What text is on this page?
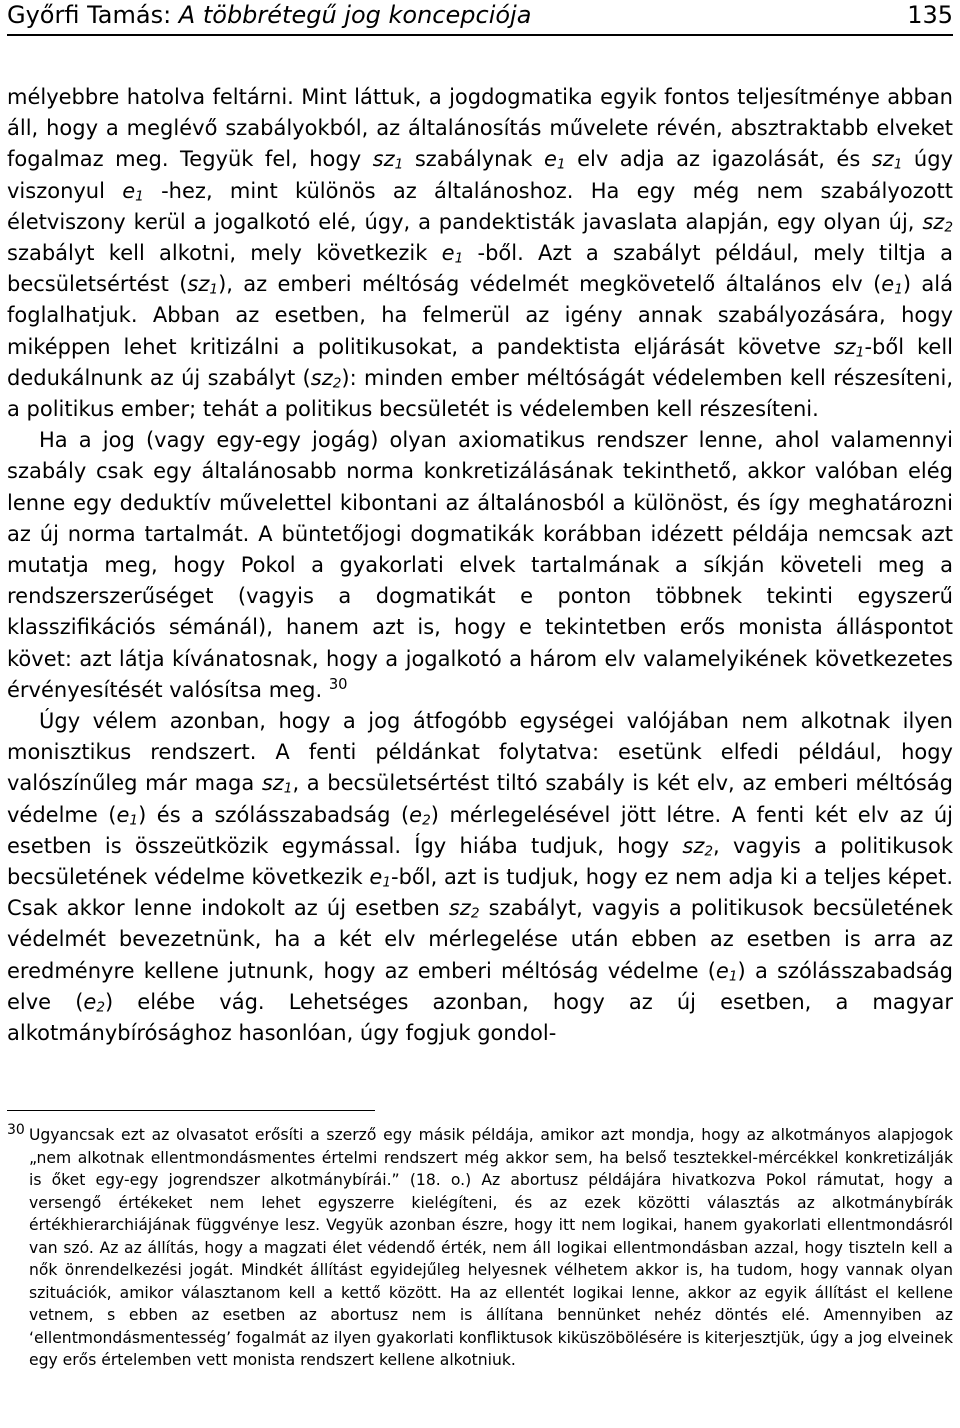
Győrfi Tamás: A többrétegű jog koncepciója	135

mélyebbre hatolva feltárni. Mint láttuk, a jogdogmatika egyik fontos teljesítménye abban áll, hogy a meglévő szabályokból, az általánosítás művelete révén, absztraktabb elveket fogalmaz meg. Tegyük fel, hogy $sz_1$ szabálynak $e_1$ elv adja az igazolását, és $sz_1$ úgy viszonyul $e_1$ -hez, mint különös az általánoshoz. Ha egy még nem szabályozott életviszony kerül a jogalkotó elé, úgy, a pandektisták javaslata alapján, egy olyan új, $sz_2$ szabályt kell alkotni, mely következik $e_1$ -ből. Azt a szabályt például, mely tiltja a becsületsértést $(sz_1)$, az emberi méltóság védelmét megkövetelő általános elv $(e_1)$ alá foglalhatjuk. Abban az esetben, ha felmerül az igény annak szabályozására, hogy miképpen lehet kritizálni a politikusokat, a pandektista eljárását követve $sz_1$-ből kell dedukálnunk az új szabályt $(sz_2)$: minden ember méltóságát védelemben kell részesíteni, a politikus ember; tehát a politikus becsületét is védelemben kell részesíteni.

Ha a jog (vagy egy-egy jogág) olyan axiomatikus rendszer lenne, ahol valamennyi szabály csak egy általánosabb norma konkretizálásának tekinthető, akkor valóban elég lenne egy deduktív művelettel kibontani az általánosból a különöst, és így meghatározni az új norma tartalmát. A büntetőjogi dogmatikák korábban idézett példája nemcsak azt mutatja meg, hogy Pokol a gyakorlati elvek tartalmának a síkján követeli meg a rendszerszerűséget (vagyis a dogmatikát e ponton többnek tekinti egyszerű klasszifikációs sémánál), hanem azt is, hogy e tekintetben erős monista álláspontot követ: azt látja kívánatosnak, hogy a jogalkotó a három elv valamelyikének következetes érvényesítését valósítsa meg. $^{30}$

Úgy vélem azonban, hogy a jog átfogóbb egységei valójában nem alkotnak ilyen monisztikus rendszert. A fenti példánkat folytatva: esetünk elfedi például, hogy valószínűleg már maga $sz_1$, a becsületsértést tiltó szabály is két elv, az emberi méltóság védelme $(e_1)$ és a szólásszabadság $(e_2)$ mérlegelésével jött létre. A fenti két elv az új esetben is összeütközik egymással. Így hiába tudjuk, hogy $sz_2$, vagyis a politikusok becsületének védelme következik $e_1$-ből, azt is tudjuk, hogy ez nem adja ki a teljes képet. Csak akkor lenne indokolt az új esetben $sz_2$ szabályt, vagyis a politikusok becsületének védelmét bevezetnünk, ha a két elv mérlegelése után ebben az esetben is arra az eredményre kellene jutnunk, hogy az emberi méltóság védelme $(e_1)$ a szólásszabadság elve $(e_2)$ elébe vág. Lehetséges azonban, hogy az új esetben, a magyar alkotmánybírósághoz hasonlóan, úgy fogjuk gondol-

30 Ugyancsak ezt az olvasatot erősíti a szerző egy másik példája, amikor azt mondja, hogy az alkotmányos alapjogok „nem alkotnak ellentmondásmentes értelmi rendszert még akkor sem, ha belső tesztekkel-mércékkel konkretizálják is őket egy-egy jogrendszer alkotmánybírái.” (18. o.) Az abortusz példájára hivatkozva Pokol rámutat, hogy a versengő értékeket nem lehet egyszerre kielégíteni, és az ezek közötti választás az alkotmánybírák értékhierarchiájának függvénye lesz. Vegyük azonban észre, hogy itt nem logikai, hanem gyakorlati ellentmondásról van szó. Az az állítás, hogy a magzati élet védendő érték, nem áll logikai ellentmondásban azzal, hogy tiszteln kell a nők önrendelkezési jogát. Mindkét állítást egyidejűleg helyesnek vélhetem akkor is, ha tudom, hogy vannak olyan szituációk, amikor választanom kell a kettő között. Ha az ellentét logikai lenne, akkor az egyik állítást el kellene vetnem, s ebben az esetben az abortusz nem is állítana bennünket nehéz döntés elé. Amennyiben az ‘ellentmondásmentesség’ fogalmát az ilyen gyakorlati konfliktusok kiküszöbölésére is kiterjesztjük, úgy a jog elveinek egy erős értelemben vett monista rendszert kellene alkotniuk.
